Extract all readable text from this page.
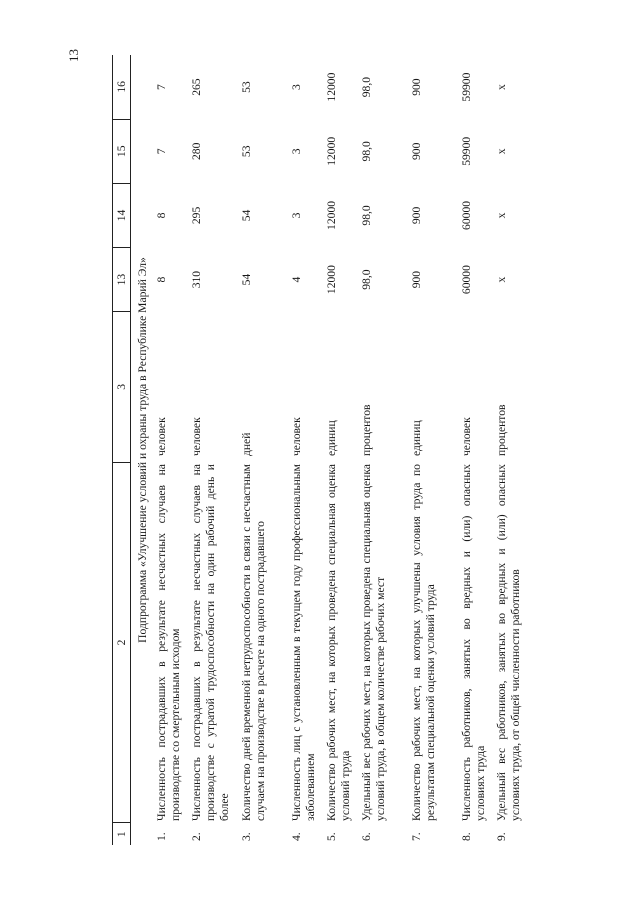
13
1	2	3	13	14	15	16
Подпрограмма «Улучшение условий и охраны труда в Республике Марий Эл»						
1.	Численность пострадавших в результате несчастных случаев на производстве со смертельным исходом	человек	8	8	7	7
2.	Численность пострадавших в результате несчастных случаев на производстве с утратой трудоспособности на один рабочий день и более	человек	310	295	280	265
3.	Количество дней временной нетрудоспособности в связи с несчастным случаем на производстве в расчете на одного пострадавшего	дней	54	54	53	53
4.	Численность лиц с установленным в текущем году профессиональным заболеванием	человек	4	3	3	3
5.	Количество рабочих мест, на которых проведена специальная оценка условий труда	единиц	12000	12000	12000	12000
6.	Удельный вес рабочих мест, на которых проведена специальная оценка условий труда, в общем количестве рабочих мест	процентов	98,0	98,0	98,0	98,0
7.	Количество рабочих мест, на которых улучшены условия труда по результатам специальной оценки условий труда	единиц	900	900	900	900
8.	Численность работников, занятых во вредных и (или) опасных условиях труда	человек	60000	60000	59900	59900
9.	Удельный вес работников, занятых во вредных и (или) опасных условиях труда, от общей численности работников	процентов	х	х	х	х
